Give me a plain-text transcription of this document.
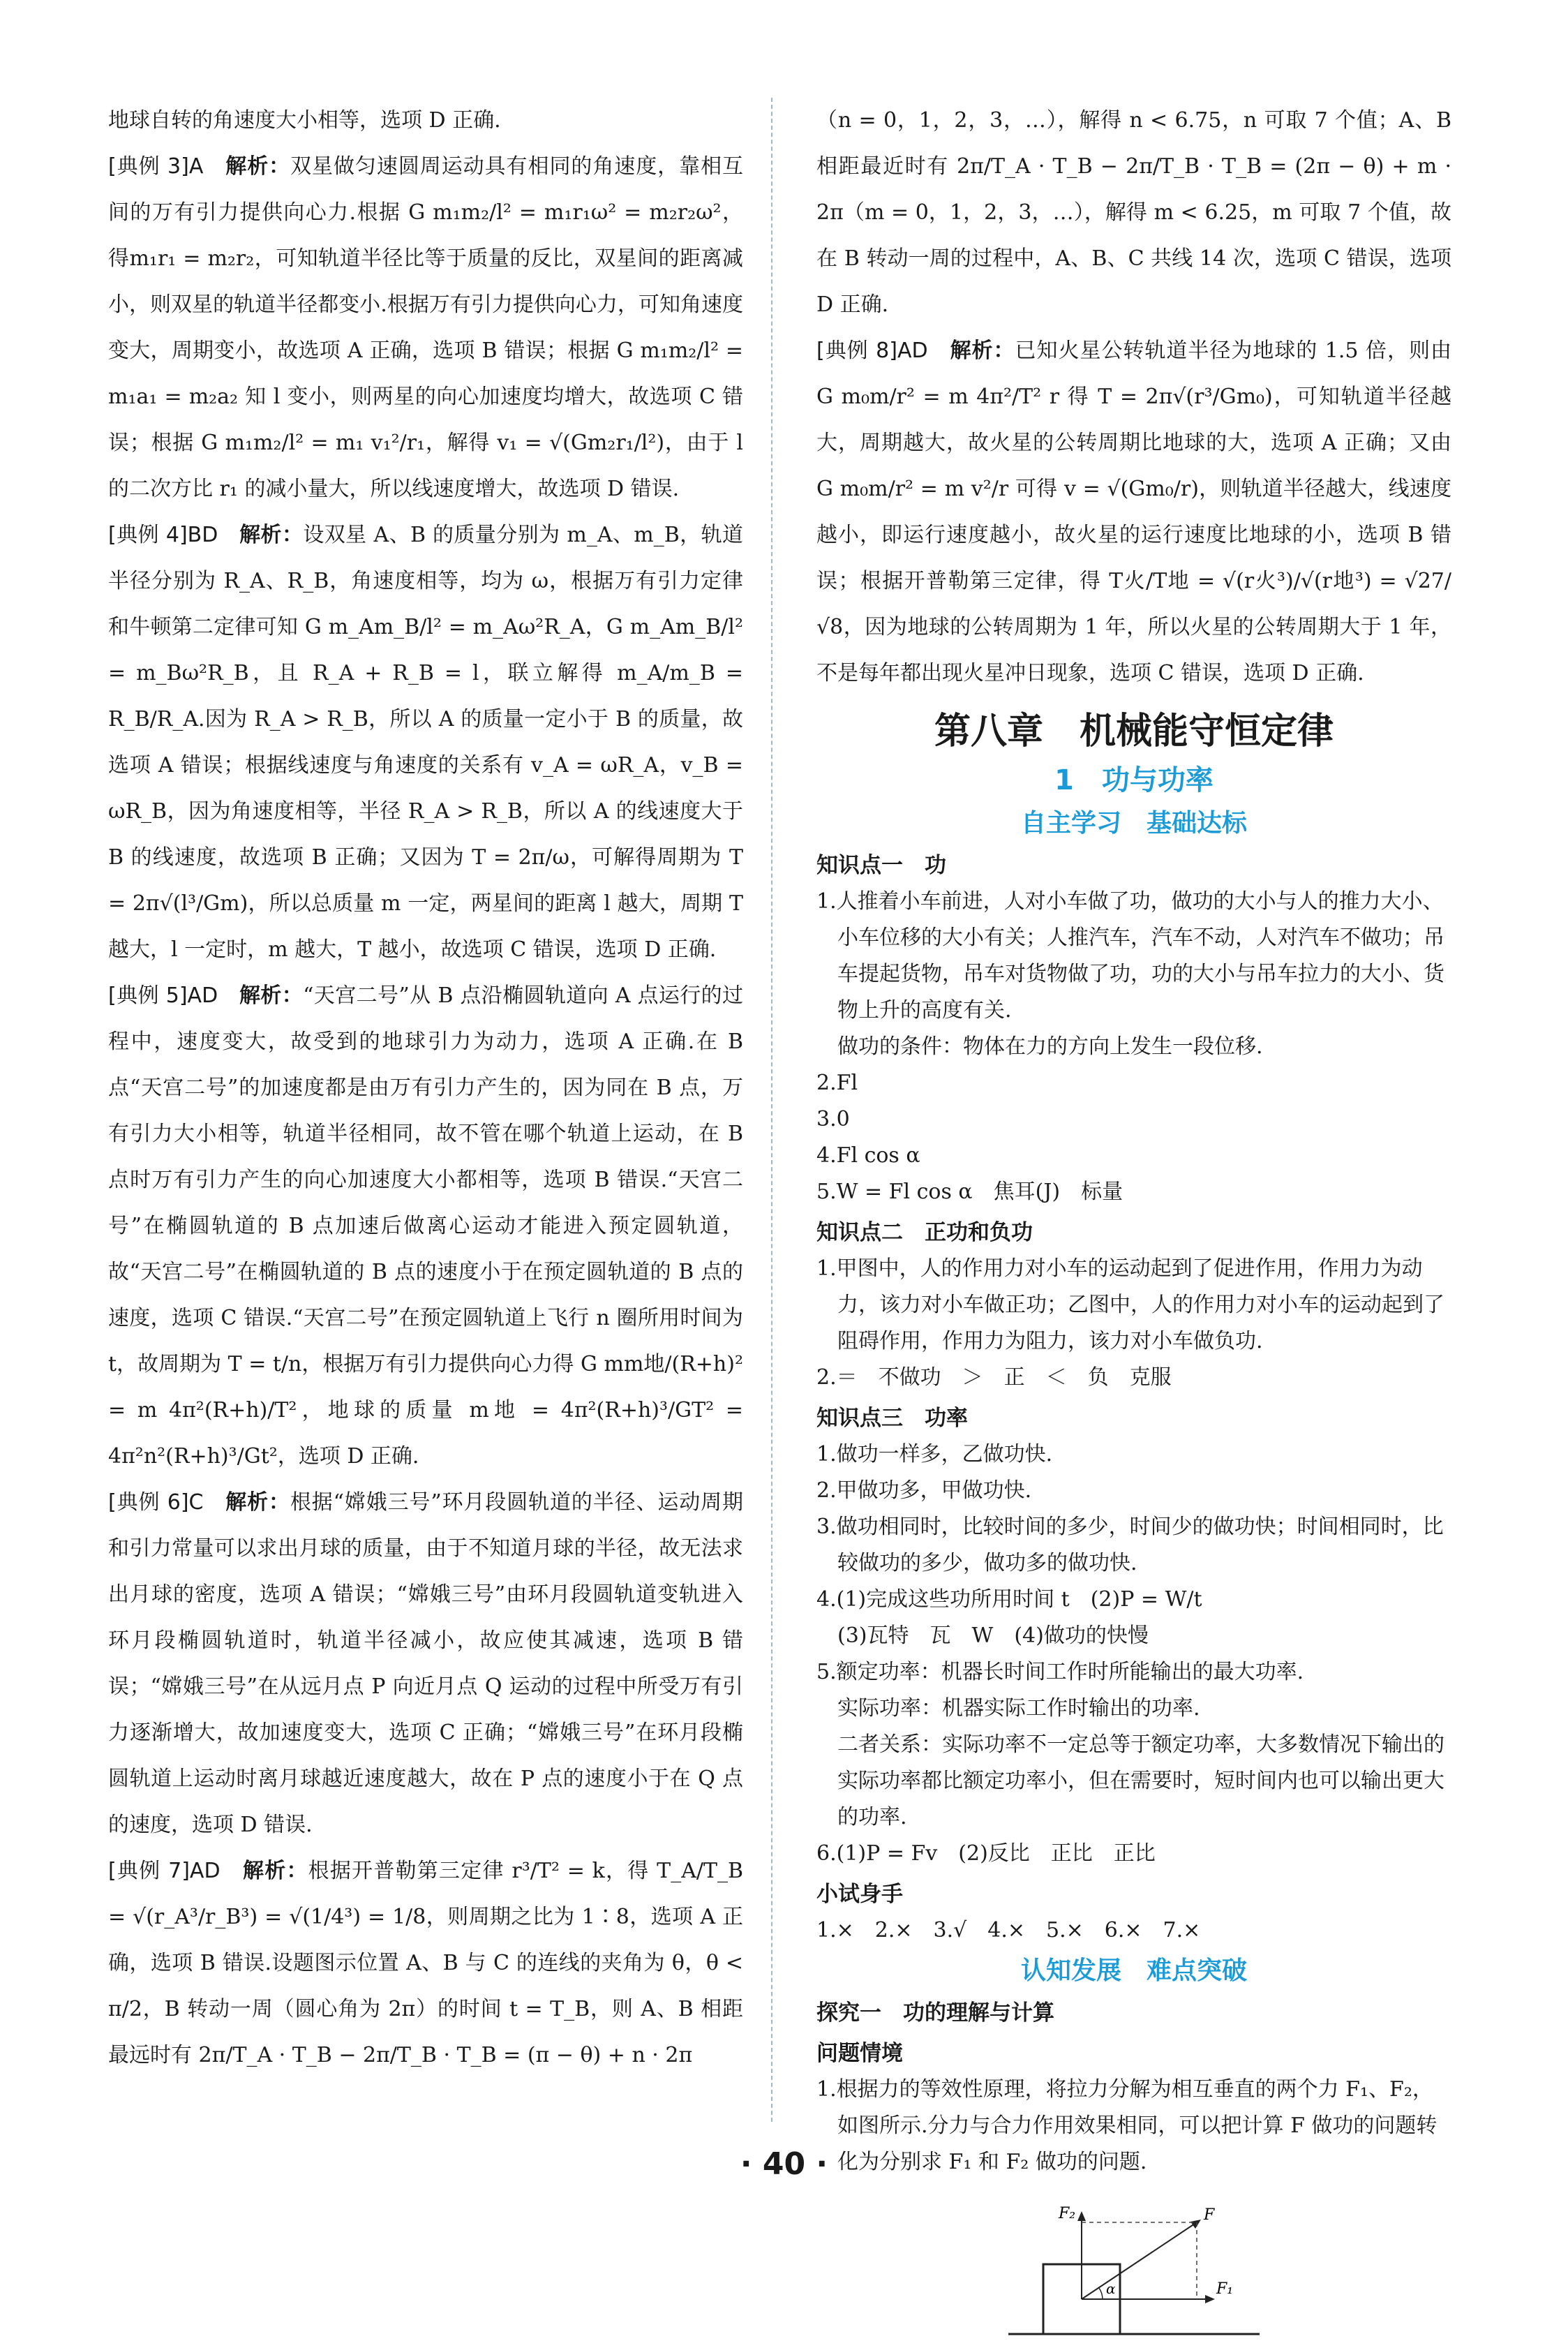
地球自转的角速度大小相等，选项 D 正确.

[典例 3]A　 解析：双星做匀速圆周运动具有相同的角速度，靠相互间的万有引力提供向心力.根据 G m₁m₂/l² = m₁r₁ω² = m₂r₂ω²，得m₁r₁ = m₂r₂，可知轨道半径比等于质量的反比，双星间的距离减小，则双星的轨道半径都变小.根据万有引力提供向心力，可知角速度变大，周期变小，故选项 A 正确，选项 B 错误；根据 G m₁m₂/l² = m₁a₁ = m₂a₂ 知 l 变小，则两星的向心加速度均增大，故选项 C 错误；根据 G m₁m₂/l² = m₁ v₁²/r₁，解得 v₁ = √(Gm₂r₁/l²)，由于 l 的二次方比 r₁ 的减小量大，所以线速度增大，故选项 D 错误.

[典例 4]BD　 解析：设双星 A、B 的质量分别为 m_A、m_B，轨道半径分别为 R_A、R_B，角速度相等，均为 ω，根据万有引力定律和牛顿第二定律可知 G m_Am_B/l² = m_Aω²R_A，G m_Am_B/l² = m_Bω²R_B，且 R_A + R_B = l，联立解得 m_A/m_B = R_B/R_A.因为 R_A > R_B，所以 A 的质量一定小于 B 的质量，故选项 A 错误；根据线速度与角速度的关系有 v_A = ωR_A，v_B = ωR_B，因为角速度相等，半径 R_A > R_B，所以 A 的线速度大于 B 的线速度，故选项 B 正确；又因为 T = 2π/ω，可解得周期为 T = 2π√(l³/Gm)，所以总质量 m 一定，两星间的距离 l 越大，周期 T 越大，l 一定时，m 越大，T 越小，故选项 C 错误，选项 D 正确.

[典例 5]AD　 解析：“天宫二号”从 B 点沿椭圆轨道向 A 点运行的过程中，速度变大，故受到的地球引力为动力，选项 A 正确.在 B 点“天宫二号”的加速度都是由万有引力产生的，因为同在 B 点，万有引力大小相等，轨道半径相同，故不管在哪个轨道上运动，在 B 点时万有引力产生的向心加速度大小都相等，选项 B 错误.“天宫二号”在椭圆轨道的 B 点加速后做离心运动才能进入预定圆轨道，故“天宫二号”在椭圆轨道的 B 点的速度小于在预定圆轨道的 B 点的速度，选项 C 错误.“天宫二号”在预定圆轨道上飞行 n 圈所用时间为 t，故周期为 T = t/n，根据万有引力提供向心力得 G mm地/(R+h)² = m 4π²(R+h)/T²，地球的质量 m地 = 4π²(R+h)³/GT² = 4π²n²(R+h)³/Gt²，选项 D 正确.

[典例 6]C　 解析：根据“嫦娥三号”环月段圆轨道的半径、运动周期和引力常量可以求出月球的质量，由于不知道月球的半径，故无法求出月球的密度，选项 A 错误；“嫦娥三号”由环月段圆轨道变轨进入环月段椭圆轨道时，轨道半径减小，故应使其减速，选项 B 错误；“嫦娥三号”在从远月点 P 向近月点 Q 运动的过程中所受万有引力逐渐增大，故加速度变大，选项 C 正确；“嫦娥三号”在环月段椭圆轨道上运动时离月球越近速度越大，故在 P 点的速度小于在 Q 点的速度，选项 D 错误.

[典例 7]AD　 解析：根据开普勒第三定律 r³/T² = k，得 T_A/T_B = √(r_A³/r_B³) = √(1/4³) = 1/8，则周期之比为 1∶8，选项 A 正确，选项 B 错误.设题图示位置 A、B 与 C 的连线的夹角为 θ，θ < π/2，B 转动一周（圆心角为 2π）的时间 t = T_B，则 A、B 相距最远时有 2π/T_A · T_B − 2π/T_B · T_B = (π − θ) + n · 2π

（n = 0，1，2，3，…），解得 n < 6.75，n 可取 7 个值；A、B 相距最近时有 2π/T_A · T_B − 2π/T_B · T_B = (2π − θ) + m · 2π（m = 0，1，2，3，…），解得 m < 6.25，m 可取 7 个值，故在 B 转动一周的过程中，A、B、C 共线 14 次，选项 C 错误，选项 D 正确.

[典例 8]AD　 解析：已知火星公转轨道半径为地球的 1.5 倍，则由 G m₀m/r² = m 4π²/T² r 得 T = 2π√(r³/Gm₀)，可知轨道半径越大，周期越大，故火星的公转周期比地球的大，选项 A 正确；又由 G m₀m/r² = m v²/r 可得 v = √(Gm₀/r)，则轨道半径越大，线速度越小，即运行速度越小，故火星的运行速度比地球的小，选项 B 错误；根据开普勒第三定律，得 T火/T地 = √(r火³)/√(r地³) = √27/√8，因为地球的公转周期为 1 年，所以火星的公转周期大于 1 年，不是每年都出现火星冲日现象，选项 C 错误，选项 D 正确.

第八章　机械能守恒定律
1　功与功率
自主学习　基础达标
知识点一　功

1.人推着小车前进，人对小车做了功，做功的大小与人的推力大小、小车位移的大小有关；人推汽车，汽车不动，人对汽车不做功；吊车提起货物，吊车对货物做了功，功的大小与吊车拉力的大小、货物上升的高度有关.

做功的条件：物体在力的方向上发生一段位移.

2.Fl

3.0

4.Fl cos α

5.W = Fl cos α　焦耳(J)　标量

知识点二　正功和负功

1.甲图中，人的作用力对小车的运动起到了促进作用，作用力为动力，该力对小车做正功；乙图中，人的作用力对小车的运动起到了阻碍作用，作用力为阻力，该力对小车做负功.

2.＝　不做功　＞　正　＜　负　克服

知识点三　功率

1.做功一样多，乙做功快.

2.甲做功多，甲做功快.

3.做功相同时，比较时间的多少，时间少的做功快；时间相同时，比较做功的多少，做功多的做功快.

4.(1)完成这些功所用时间 t　(2)P = W/t

(3)瓦特　瓦　W　(4)做功的快慢

5.额定功率：机器长时间工作时所能输出的最大功率.

实际功率：机器实际工作时输出的功率.

二者关系：实际功率不一定总等于额定功率，大多数情况下输出的实际功率都比额定功率小，但在需要时，短时间内也可以输出更大的功率.

6.(1)P = Fv　(2)反比　正比　正比

小试身手

1.×　2.×　3.√　4.×　5.×　6.×　7.×

认知发展　难点突破
探究一　功的理解与计算
问题情境

1.根据力的等效性原理，将拉力分解为相互垂直的两个力 F₁、F₂，如图所示.分力与合力作用效果相同，可以把计算 F 做功的问题转化为分别求 F₁ 和 F₂ 做功的问题.

F₂	F
F₁
α
· 40 ·
